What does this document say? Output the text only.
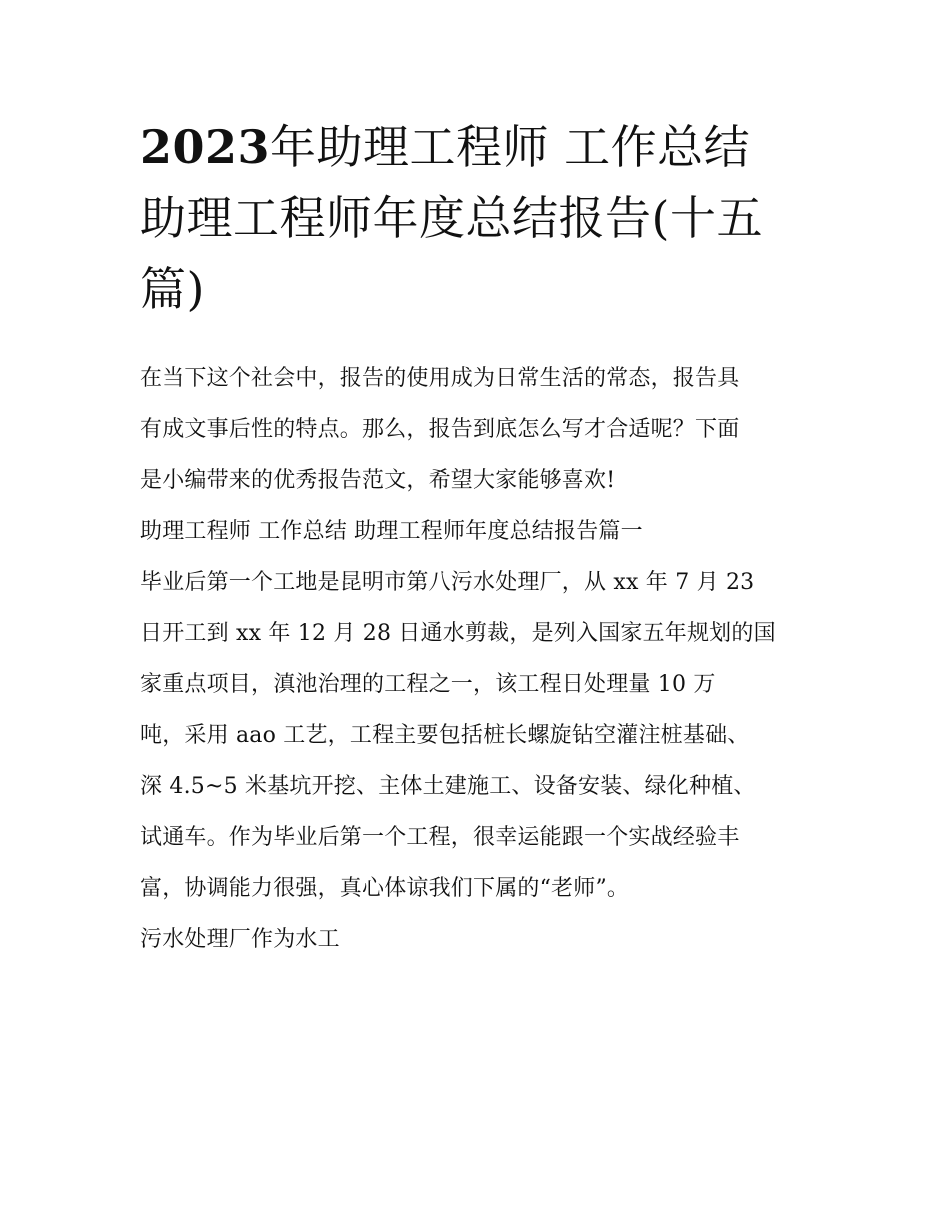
2023年助理工程师 工作总结
助理工程师年度总结报告(十五
篇)

在当下这个社会中，报告的使用成为日常生活的常态，报告具

有成文事后性的特点。那么，报告到底怎么写才合适呢？下面

是小编带来的优秀报告范文，希望大家能够喜欢!

助理工程师 工作总结 助理工程师年度总结报告篇一

毕业后第一个工地是昆明市第八污水处理厂，从 xx 年 7 月 23

日开工到 xx 年 12 月 28 日通水剪裁，是列入国家五年规划的国

家重点项目，滇池治理的工程之一，该工程日处理量 10 万

吨，采用 aao 工艺，工程主要包括桩长螺旋钻空灌注桩基础、

深 4.5~5 米基坑开挖、主体土建施工、设备安装、绿化种植、

试通车。作为毕业后第一个工程，很幸运能跟一个实战经验丰

富，协调能力很强，真心体谅我们下属的“老师”。

污水处理厂作为水工
